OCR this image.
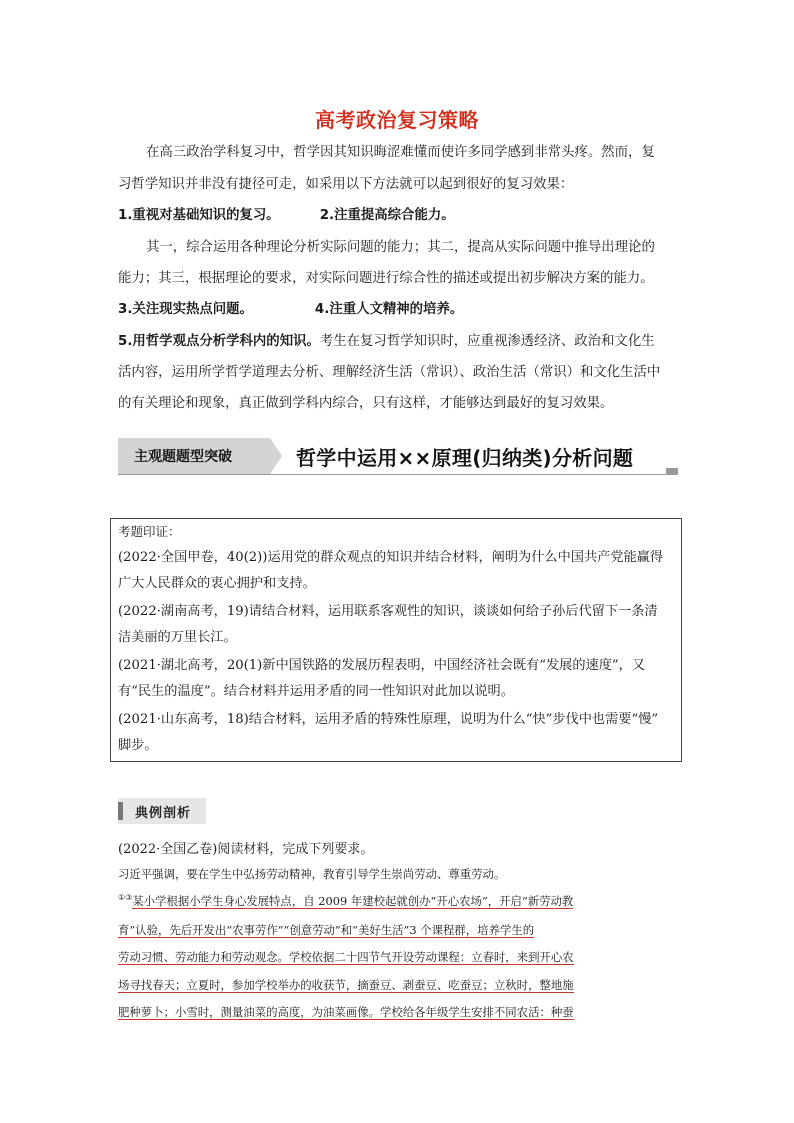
高考政治复习策略
在高三政治学科复习中，哲学因其知识晦涩难懂而使许多同学感到非常头疼。然而，复
习哲学知识并非没有捷径可走，如采用以下方法就可以起到很好的复习效果：
1.重视对基础知识的复习。	2.注重提高综合能力。
其一，综合运用各种理论分析实际问题的能力；其二，提高从实际问题中推导出理论的
能力；其三，根据理论的要求，对实际问题进行综合性的描述或提出初步解决方案的能力。
3.关注现实热点问题。	4.注重人文精神的培养。
5.用哲学观点分析学科内的知识。考生在复习哲学知识时，应重视渗透经济、政治和文化生
活内容，运用所学哲学道理去分析、理解经济生活（常识）、政治生活（常识）和文化生活中
的有关理论和现象，真正做到学科内综合，只有这样，才能够达到最好的复习效果。
主观题题型突破	哲学中运用××原理(归纳类)分析问题
考题印证：
(2022·全国甲卷，40(2))运用党的群众观点的知识并结合材料，阐明为什么中国共产党能赢得
广大人民群众的衷心拥护和支持。
(2022·湖南高考，19)请结合材料，运用联系客观性的知识，谈谈如何给子孙后代留下一条清
洁美丽的万里长江。
(2021·湖北高考，20(1)新中国铁路的发展历程表明，中国经济社会既有“发展的速度”，又
有“民生的温度”。结合材料并运用矛盾的同一性知识对此加以说明。
(2021·山东高考，18)结合材料，运用矛盾的特殊性原理，说明为什么“快”步伐中也需要“慢”
脚步。
典例剖析
(2022·全国乙卷)阅读材料，完成下列要求。
习近平强调，要在学生中弘扬劳动精神，教育引导学生崇尚劳动、尊重劳动。
①③某小学根据小学生身心发展特点，自 2009 年建校起就创办“开心农场”，开启“新劳动教
育”认验，先后开发出“农事劳作”“创意劳动”和“美好生活”3 个课程群，培养学生的
劳动习惯、劳动能力和劳动观念。学校依据二十四节气开设劳动课程：立春时，来到开心农
场寻找春天；立夏时，参加学校举办的收获节，摘蚕豆、剥蚕豆、吃蚕豆；立秋时，整地施
肥种萝卜；小雪时，测量油菜的高度，为油菜画像。学校给各年级学生安排不同农活：种蚕
